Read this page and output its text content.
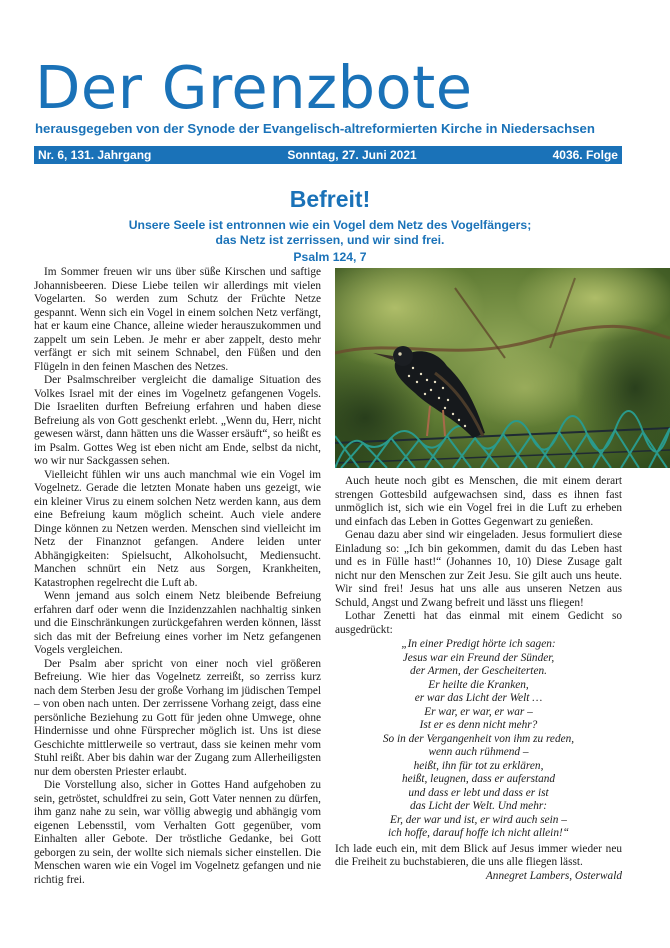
Der Grenzbote
herausgegeben von der Synode der Evangelisch-altreformierten Kirche in Niedersachsen
Nr. 6, 131. Jahrgang	Sonntag, 27. Juni 2021	4036. Folge
Befreit!
Unsere Seele ist entronnen wie ein Vogel dem Netz des Vogelfängers;
das Netz ist zerrissen, und wir sind frei.
Psalm 124, 7

Im Sommer freuen wir uns über süße Kirschen und saftige Johannisbeeren. Diese Liebe teilen wir allerdings mit vielen Vogelarten. So werden zum Schutz der Früchte Netze gespannt. Wenn sich ein Vogel in einem solchen Netz verfängt, hat er kaum eine Chance, alleine wieder herauszukommen und zappelt um sein Leben. Je mehr er aber zappelt, desto mehr verfängt er sich mit seinem Schnabel, den Füßen und den Flügeln in den feinen Maschen des Netzes.

Der Psalmschreiber vergleicht die damalige Situation des Volkes Israel mit der eines im Vogelnetz gefangenen Vogels. Die Israeliten durften Befreiung erfahren und haben diese Befreiung als von Gott geschenkt erlebt. „Wenn du, Herr, nicht gewesen wärst, dann hätten uns die Wasser ersäuft“, so heißt es im Psalm. Gottes Weg ist eben nicht am Ende, selbst da nicht, wo wir nur Sackgassen sehen.

Vielleicht fühlen wir uns auch manchmal wie ein Vogel im Vogelnetz. Gerade die letzten Monate haben uns gezeigt, wie ein kleiner Virus zu einem solchen Netz werden kann, aus dem eine Befreiung kaum möglich scheint. Auch viele andere Dinge können zu Netzen werden. Menschen sind vielleicht im Netz der Finanznot gefangen. Andere leiden unter Abhängigkeiten: Spielsucht, Alkoholsucht, Mediensucht. Manchen schnürt ein Netz aus Sorgen, Krankheiten, Katastrophen regelrecht die Luft ab.

Wenn jemand aus solch einem Netz bleibende Befreiung erfahren darf oder wenn die Inzidenzzahlen nachhaltig sinken und die Einschränkungen zurückgefahren werden können, lässt sich das mit der Befreiung eines vorher im Netz gefangenen Vogels vergleichen.

Der Psalm aber spricht von einer noch viel größeren Befreiung. Wie hier das Vogelnetz zerreißt, so zerriss kurz nach dem Sterben Jesu der große Vorhang im jüdischen Tempel – von oben nach unten. Der zerrissene Vorhang zeigt, dass eine persönliche Beziehung zu Gott für jeden ohne Umwege, ohne Hindernisse und ohne Fürsprecher möglich ist. Uns ist diese Geschichte mittlerweile so vertraut, dass sie keinen mehr vom Stuhl reißt. Aber bis dahin war der Zugang zum Allerheiligsten nur dem obersten Priester erlaubt.

Die Vorstellung also, sicher in Gottes Hand aufgehoben zu sein, getröstet, schuldfrei zu sein, Gott Vater nennen zu dürfen, ihm ganz nahe zu sein, war völlig abwegig und abhängig vom eigenen Lebensstil, vom Verhalten Gott gegenüber, vom Einhalten aller Gebote. Der tröstliche Gedanke, bei Gott geborgen zu sein, der wollte sich niemals sicher einstellen. Die Menschen waren wie ein Vogel im Vogelnetz gefangen und nie richtig frei.

Auch heute noch gibt es Menschen, die mit einem derart strengen Gottesbild aufgewachsen sind, dass es ihnen fast unmöglich ist, sich wie ein Vogel frei in die Luft zu erheben und einfach das Leben in Gottes Gegenwart zu genießen.

Genau dazu aber sind wir eingeladen. Jesus formuliert diese Einladung so: „Ich bin gekommen, damit du das Leben hast und es in Fülle hast!“ (Johannes 10, 10) Diese Zusage galt nicht nur den Menschen zur Zeit Jesu. Sie gilt auch uns heute. Wir sind frei! Jesus hat uns alle aus unseren Netzen aus Schuld, Angst und Zwang befreit und lässt uns fliegen!

Lothar Zenetti hat das einmal mit einem Gedicht so ausgedrückt:

„In einer Predigt hörte ich sagen:
Jesus war ein Freund der Sünder,
der Armen, der Gescheiterten.
Er heilte die Kranken,
er war das Licht der Welt …
Er war, er war, er war –
Ist er es denn nicht mehr?
So in der Vergangenheit von ihm zu reden,
wenn auch rühmend –
heißt, ihn für tot zu erklären,
heißt, leugnen, dass er auferstand
und dass er lebt und dass er ist
das Licht der Welt. Und mehr:
Er, der war und ist, er wird auch sein –
ich hoffe, darauf hoffe ich nicht allein!“

Ich lade euch ein, mit dem Blick auf Jesus immer wieder neu die Freiheit zu buchstabieren, die uns alle fliegen lässt.

Annegret Lambers, Osterwald
